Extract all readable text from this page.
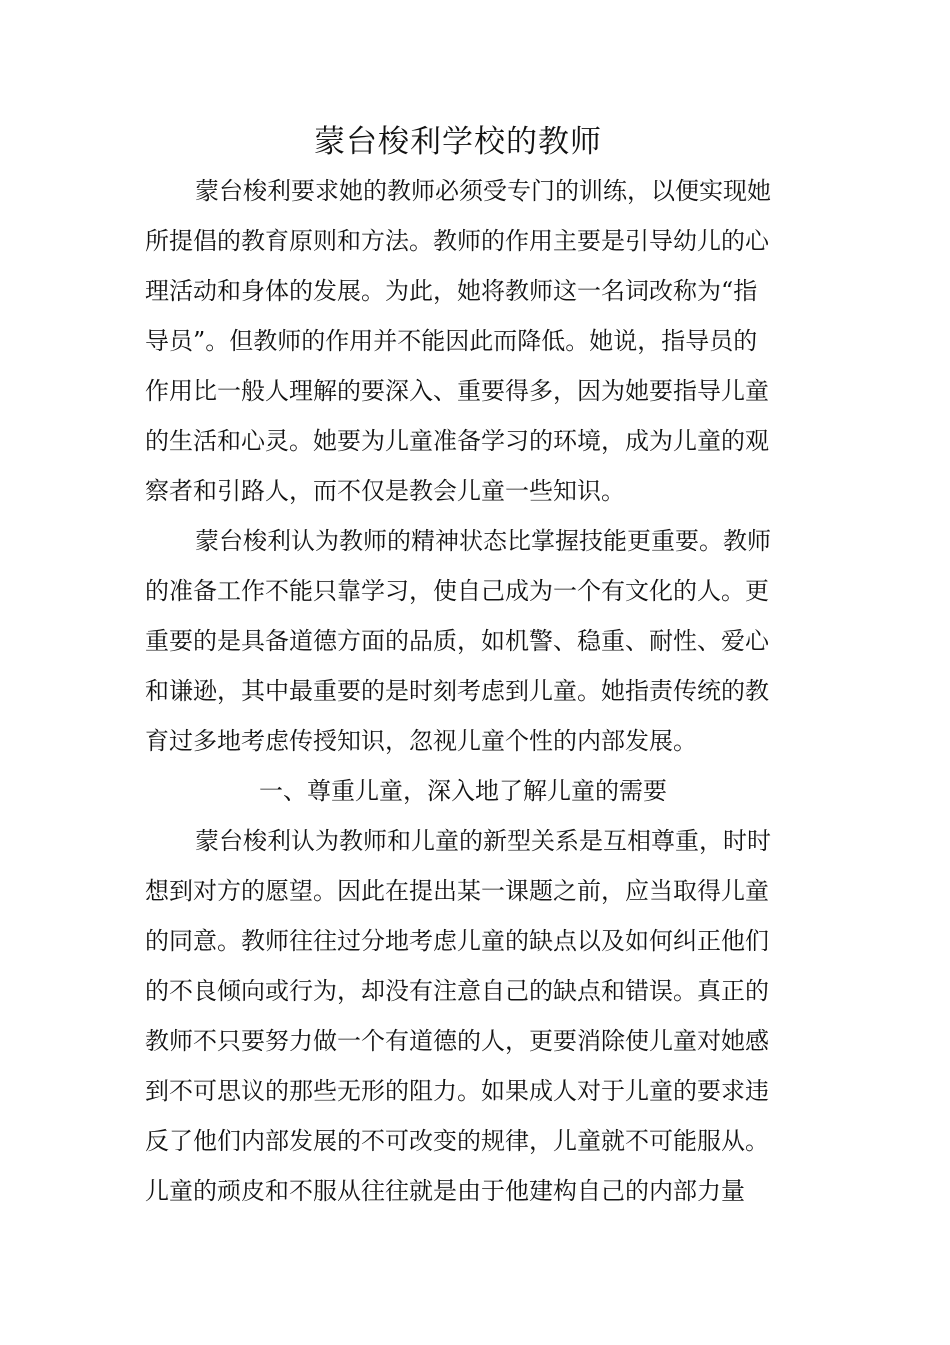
蒙台梭利学校的教师
蒙台梭利要求她的教师必须受专门的训练，以便实现她
所提倡的教育原则和方法。教师的作用主要是引导幼儿的心
理活动和身体的发展。为此，她将教师这一名词改称为“指
导员”。但教师的作用并不能因此而降低。她说，指导员的
作用比一般人理解的要深入、重要得多，因为她要指导儿童
的生活和心灵。她要为儿童准备学习的环境，成为儿童的观
察者和引路人，而不仅是教会儿童一些知识。
蒙台梭利认为教师的精神状态比掌握技能更重要。教师
的准备工作不能只靠学习，使自己成为一个有文化的人。更
重要的是具备道德方面的品质，如机警、稳重、耐性、爱心
和谦逊，其中最重要的是时刻考虑到儿童。她指责传统的教
育过多地考虑传授知识，忽视儿童个性的内部发展。
一、尊重儿童，深入地了解儿童的需要
蒙台梭利认为教师和儿童的新型关系是互相尊重，时时
想到对方的愿望。因此在提出某一课题之前，应当取得儿童
的同意。教师往往过分地考虑儿童的缺点以及如何纠正他们
的不良倾向或行为，却没有注意自己的缺点和错误。真正的
教师不只要努力做一个有道德的人，更要消除使儿童对她感
到不可思议的那些无形的阻力。如果成人对于儿童的要求违
反了他们内部发展的不可改变的规律，儿童就不可能服从。
儿童的顽皮和不服从往往就是由于他建构自己的内部力量
